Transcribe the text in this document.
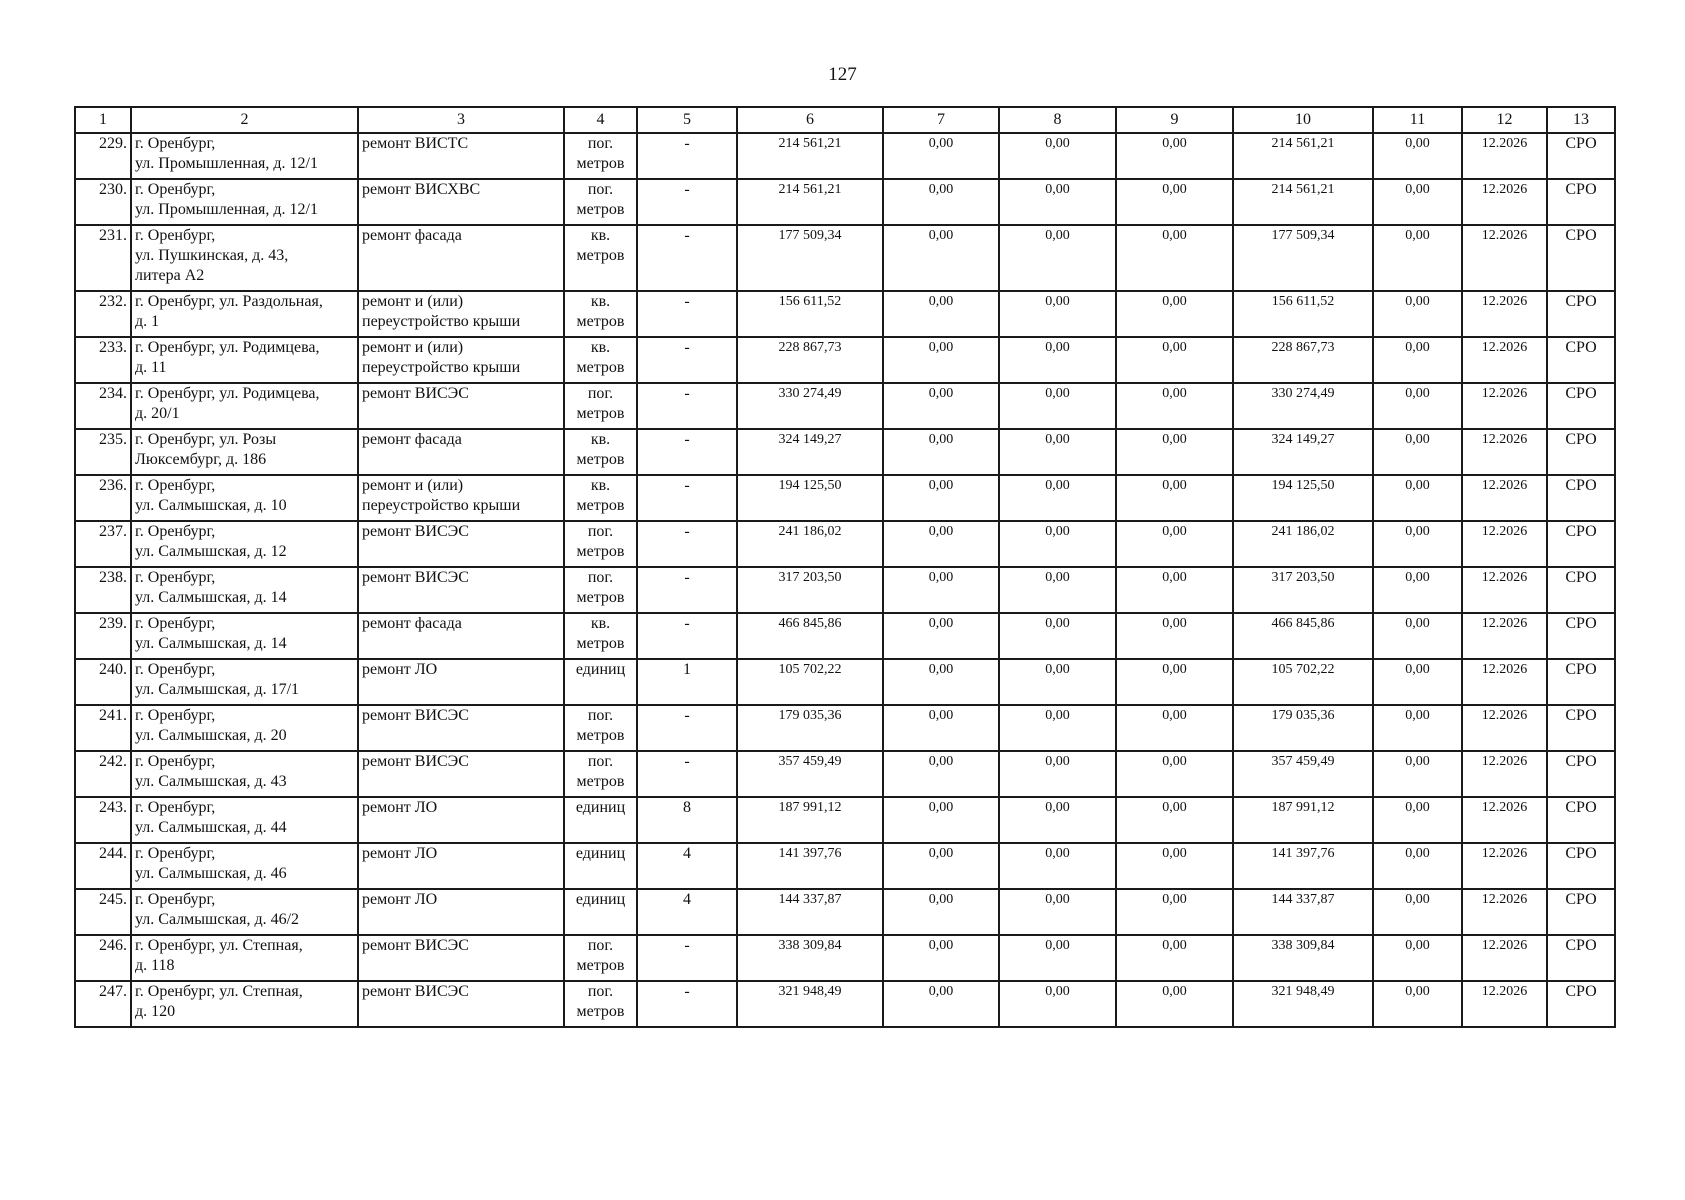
127
1	2	3	4	5	6	7	8	9	10	11	12	13
229.	г. Оренбург,
ул. Промышленная, д. 12/1	ремонт ВИСТС	пог.
метров	-	214 561,21	0,00	0,00	0,00	214 561,21	0,00	12.2026	СРО
230.	г. Оренбург,
ул. Промышленная, д. 12/1	ремонт ВИСХВС	пог.
метров	-	214 561,21	0,00	0,00	0,00	214 561,21	0,00	12.2026	СРО
231.	г. Оренбург,
ул. Пушкинская, д. 43,
литера А2	ремонт фасада	кв.
метров	-	177 509,34	0,00	0,00	0,00	177 509,34	0,00	12.2026	СРО
232.	г. Оренбург, ул. Раздольная,
д. 1	ремонт и (или)
переустройство крыши	кв.
метров	-	156 611,52	0,00	0,00	0,00	156 611,52	0,00	12.2026	СРО
233.	г. Оренбург, ул. Родимцева,
д. 11	ремонт и (или)
переустройство крыши	кв.
метров	-	228 867,73	0,00	0,00	0,00	228 867,73	0,00	12.2026	СРО
234.	г. Оренбург, ул. Родимцева,
д. 20/1	ремонт ВИСЭС	пог.
метров	-	330 274,49	0,00	0,00	0,00	330 274,49	0,00	12.2026	СРО
235.	г. Оренбург, ул. Розы
Люксембург, д. 186	ремонт фасада	кв.
метров	-	324 149,27	0,00	0,00	0,00	324 149,27	0,00	12.2026	СРО
236.	г. Оренбург,
ул. Салмышская, д. 10	ремонт и (или)
переустройство крыши	кв.
метров	-	194 125,50	0,00	0,00	0,00	194 125,50	0,00	12.2026	СРО
237.	г. Оренбург,
ул. Салмышская, д. 12	ремонт ВИСЭС	пог.
метров	-	241 186,02	0,00	0,00	0,00	241 186,02	0,00	12.2026	СРО
238.	г. Оренбург,
ул. Салмышская, д. 14	ремонт ВИСЭС	пог.
метров	-	317 203,50	0,00	0,00	0,00	317 203,50	0,00	12.2026	СРО
239.	г. Оренбург,
ул. Салмышская, д. 14	ремонт фасада	кв.
метров	-	466 845,86	0,00	0,00	0,00	466 845,86	0,00	12.2026	СРО
240.	г. Оренбург,
ул. Салмышская, д. 17/1	ремонт ЛО	единиц	1	105 702,22	0,00	0,00	0,00	105 702,22	0,00	12.2026	СРО
241.	г. Оренбург,
ул. Салмышская, д. 20	ремонт ВИСЭС	пог.
метров	-	179 035,36	0,00	0,00	0,00	179 035,36	0,00	12.2026	СРО
242.	г. Оренбург,
ул. Салмышская, д. 43	ремонт ВИСЭС	пог.
метров	-	357 459,49	0,00	0,00	0,00	357 459,49	0,00	12.2026	СРО
243.	г. Оренбург,
ул. Салмышская, д. 44	ремонт ЛО	единиц	8	187 991,12	0,00	0,00	0,00	187 991,12	0,00	12.2026	СРО
244.	г. Оренбург,
ул. Салмышская, д. 46	ремонт ЛО	единиц	4	141 397,76	0,00	0,00	0,00	141 397,76	0,00	12.2026	СРО
245.	г. Оренбург,
ул. Салмышская, д. 46/2	ремонт ЛО	единиц	4	144 337,87	0,00	0,00	0,00	144 337,87	0,00	12.2026	СРО
246.	г. Оренбург, ул. Степная,
д. 118	ремонт ВИСЭС	пог.
метров	-	338 309,84	0,00	0,00	0,00	338 309,84	0,00	12.2026	СРО
247.	г. Оренбург, ул. Степная,
д. 120	ремонт ВИСЭС	пог.
метров	-	321 948,49	0,00	0,00	0,00	321 948,49	0,00	12.2026	СРО
